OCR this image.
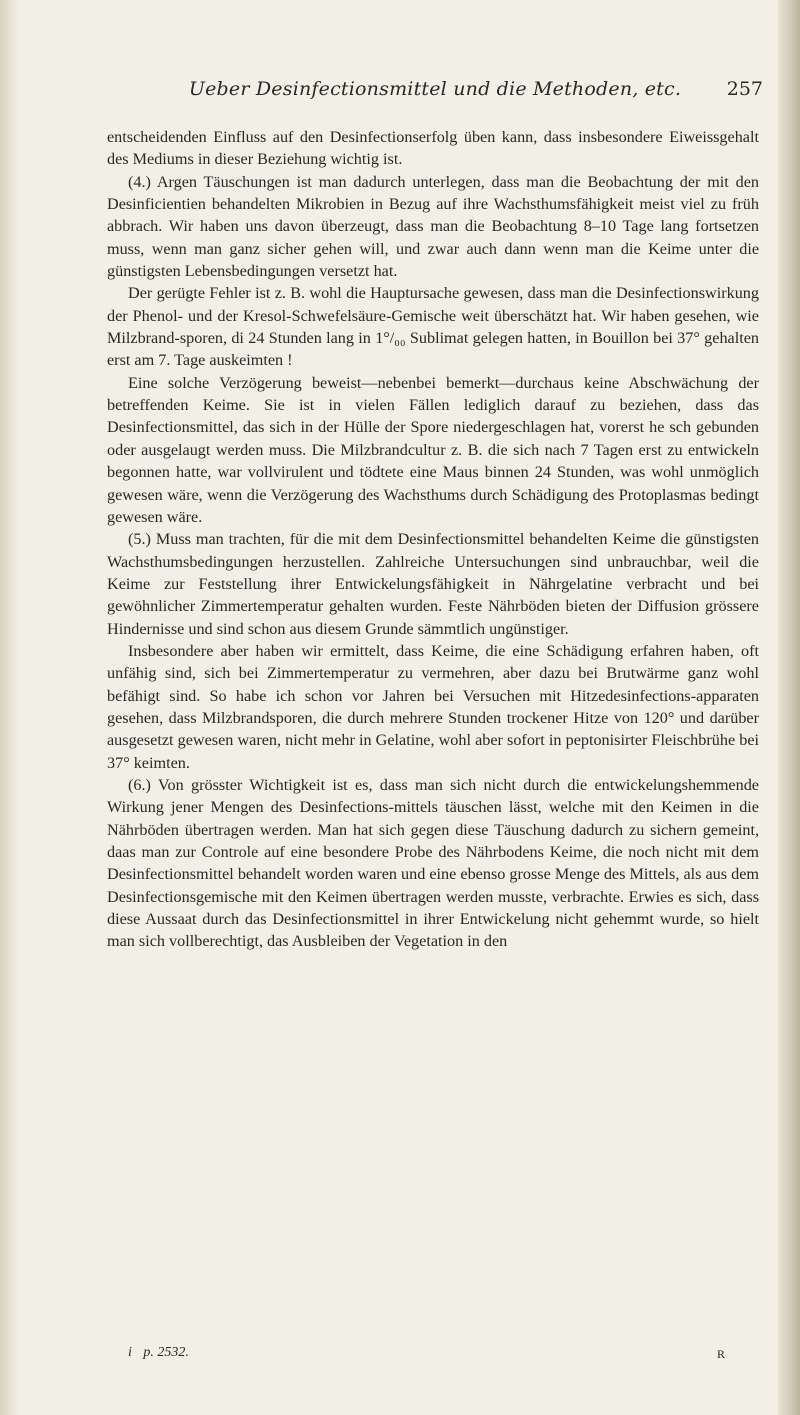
Ueber Desinfectionsmittel und die Methoden, etc.	257

entscheidenden Einfluss auf den Desinfectionserfolg üben kann, dass insbesondere Eiweissgehalt des Mediums in dieser Beziehung wichtig ist.

(4.) Argen Täuschungen ist man dadurch unterlegen, dass man die Beobachtung der mit den Desinficientien behandelten Mikrobien in Bezug auf ihre Wachsthumsfähigkeit meist viel zu früh abbrach. Wir haben uns davon überzeugt, dass man die Beobachtung 8–10 Tage lang fortsetzen muss, wenn man ganz sicher gehen will, und zwar auch dann wenn man die Keime unter die günstigsten Lebensbedingungen versetzt hat.

Der gerügte Fehler ist z. B. wohl die Hauptursache gewesen, dass man die Desinfectionswirkung der Phenol- und der Kresol-Schwefelsäure-Gemische weit überschätzt hat. Wir haben gesehen, wie Milzbrand-sporen, di 24 Stunden lang in 1°/₀₀ Sublimat gelegen hatten, in Bouillon bei 37° gehalten erst am 7. Tage auskeimten !

Eine solche Verzögerung beweist—nebenbei bemerkt—durchaus keine Abschwächung der betreffenden Keime. Sie ist in vielen Fällen lediglich darauf zu beziehen, dass das Desinfectionsmittel, das sich in der Hülle der Spore niedergeschlagen hat, vorerst he sch gebunden oder ausgelaugt werden muss. Die Milzbrandcultur z. B. die sich nach 7 Tagen erst zu entwickeln begonnen hatte, war vollvirulent und tödtete eine Maus binnen 24 Stunden, was wohl unmöglich gewesen wäre, wenn die Verzögerung des Wachsthums durch Schädigung des Protoplasmas bedingt gewesen wäre.

(5.) Muss man trachten, für die mit dem Desinfectionsmittel behandelten Keime die günstigsten Wachsthumsbedingungen herzustellen. Zahlreiche Untersuchungen sind unbrauchbar, weil die Keime zur Feststellung ihrer Entwickelungsfähigkeit in Nährgelatine verbracht und bei gewöhnlicher Zimmertemperatur gehalten wurden. Feste Nährböden bieten der Diffusion grössere Hindernisse und sind schon aus diesem Grunde sämmtlich ungünstiger.

Insbesondere aber haben wir ermittelt, dass Keime, die eine Schädigung erfahren haben, oft unfähig sind, sich bei Zimmertemperatur zu vermehren, aber dazu bei Brutwärme ganz wohl befähigt sind. So habe ich schon vor Jahren bei Versuchen mit Hitzedesinfections-apparaten gesehen, dass Milzbrandsporen, die durch mehrere Stunden trockener Hitze von 120° und darüber ausgesetzt gewesen waren, nicht mehr in Gelatine, wohl aber sofort in peptonisirter Fleischbrühe bei 37° keimten.

(6.) Von grösster Wichtigkeit ist es, dass man sich nicht durch die entwickelungshemmende Wirkung jener Mengen des Desinfections-mittels täuschen lässt, welche mit den Keimen in die Nährböden übertragen werden. Man hat sich gegen diese Täuschung dadurch zu sichern gemeint, daas man zur Controle auf eine besondere Probe des Nährbodens Keime, die noch nicht mit dem Desinfectionsmittel behandelt worden waren und eine ebenso grosse Menge des Mittels, als aus dem Desinfectionsgemische mit den Keimen übertragen werden musste, verbrachte. Erwies es sich, dass diese Aussaat durch das Desinfectionsmittel in ihrer Entwickelung nicht gehemmt wurde, so hielt man sich vollberechtigt, das Ausbleiben der Vegetation in den

i p. 2532.	R
